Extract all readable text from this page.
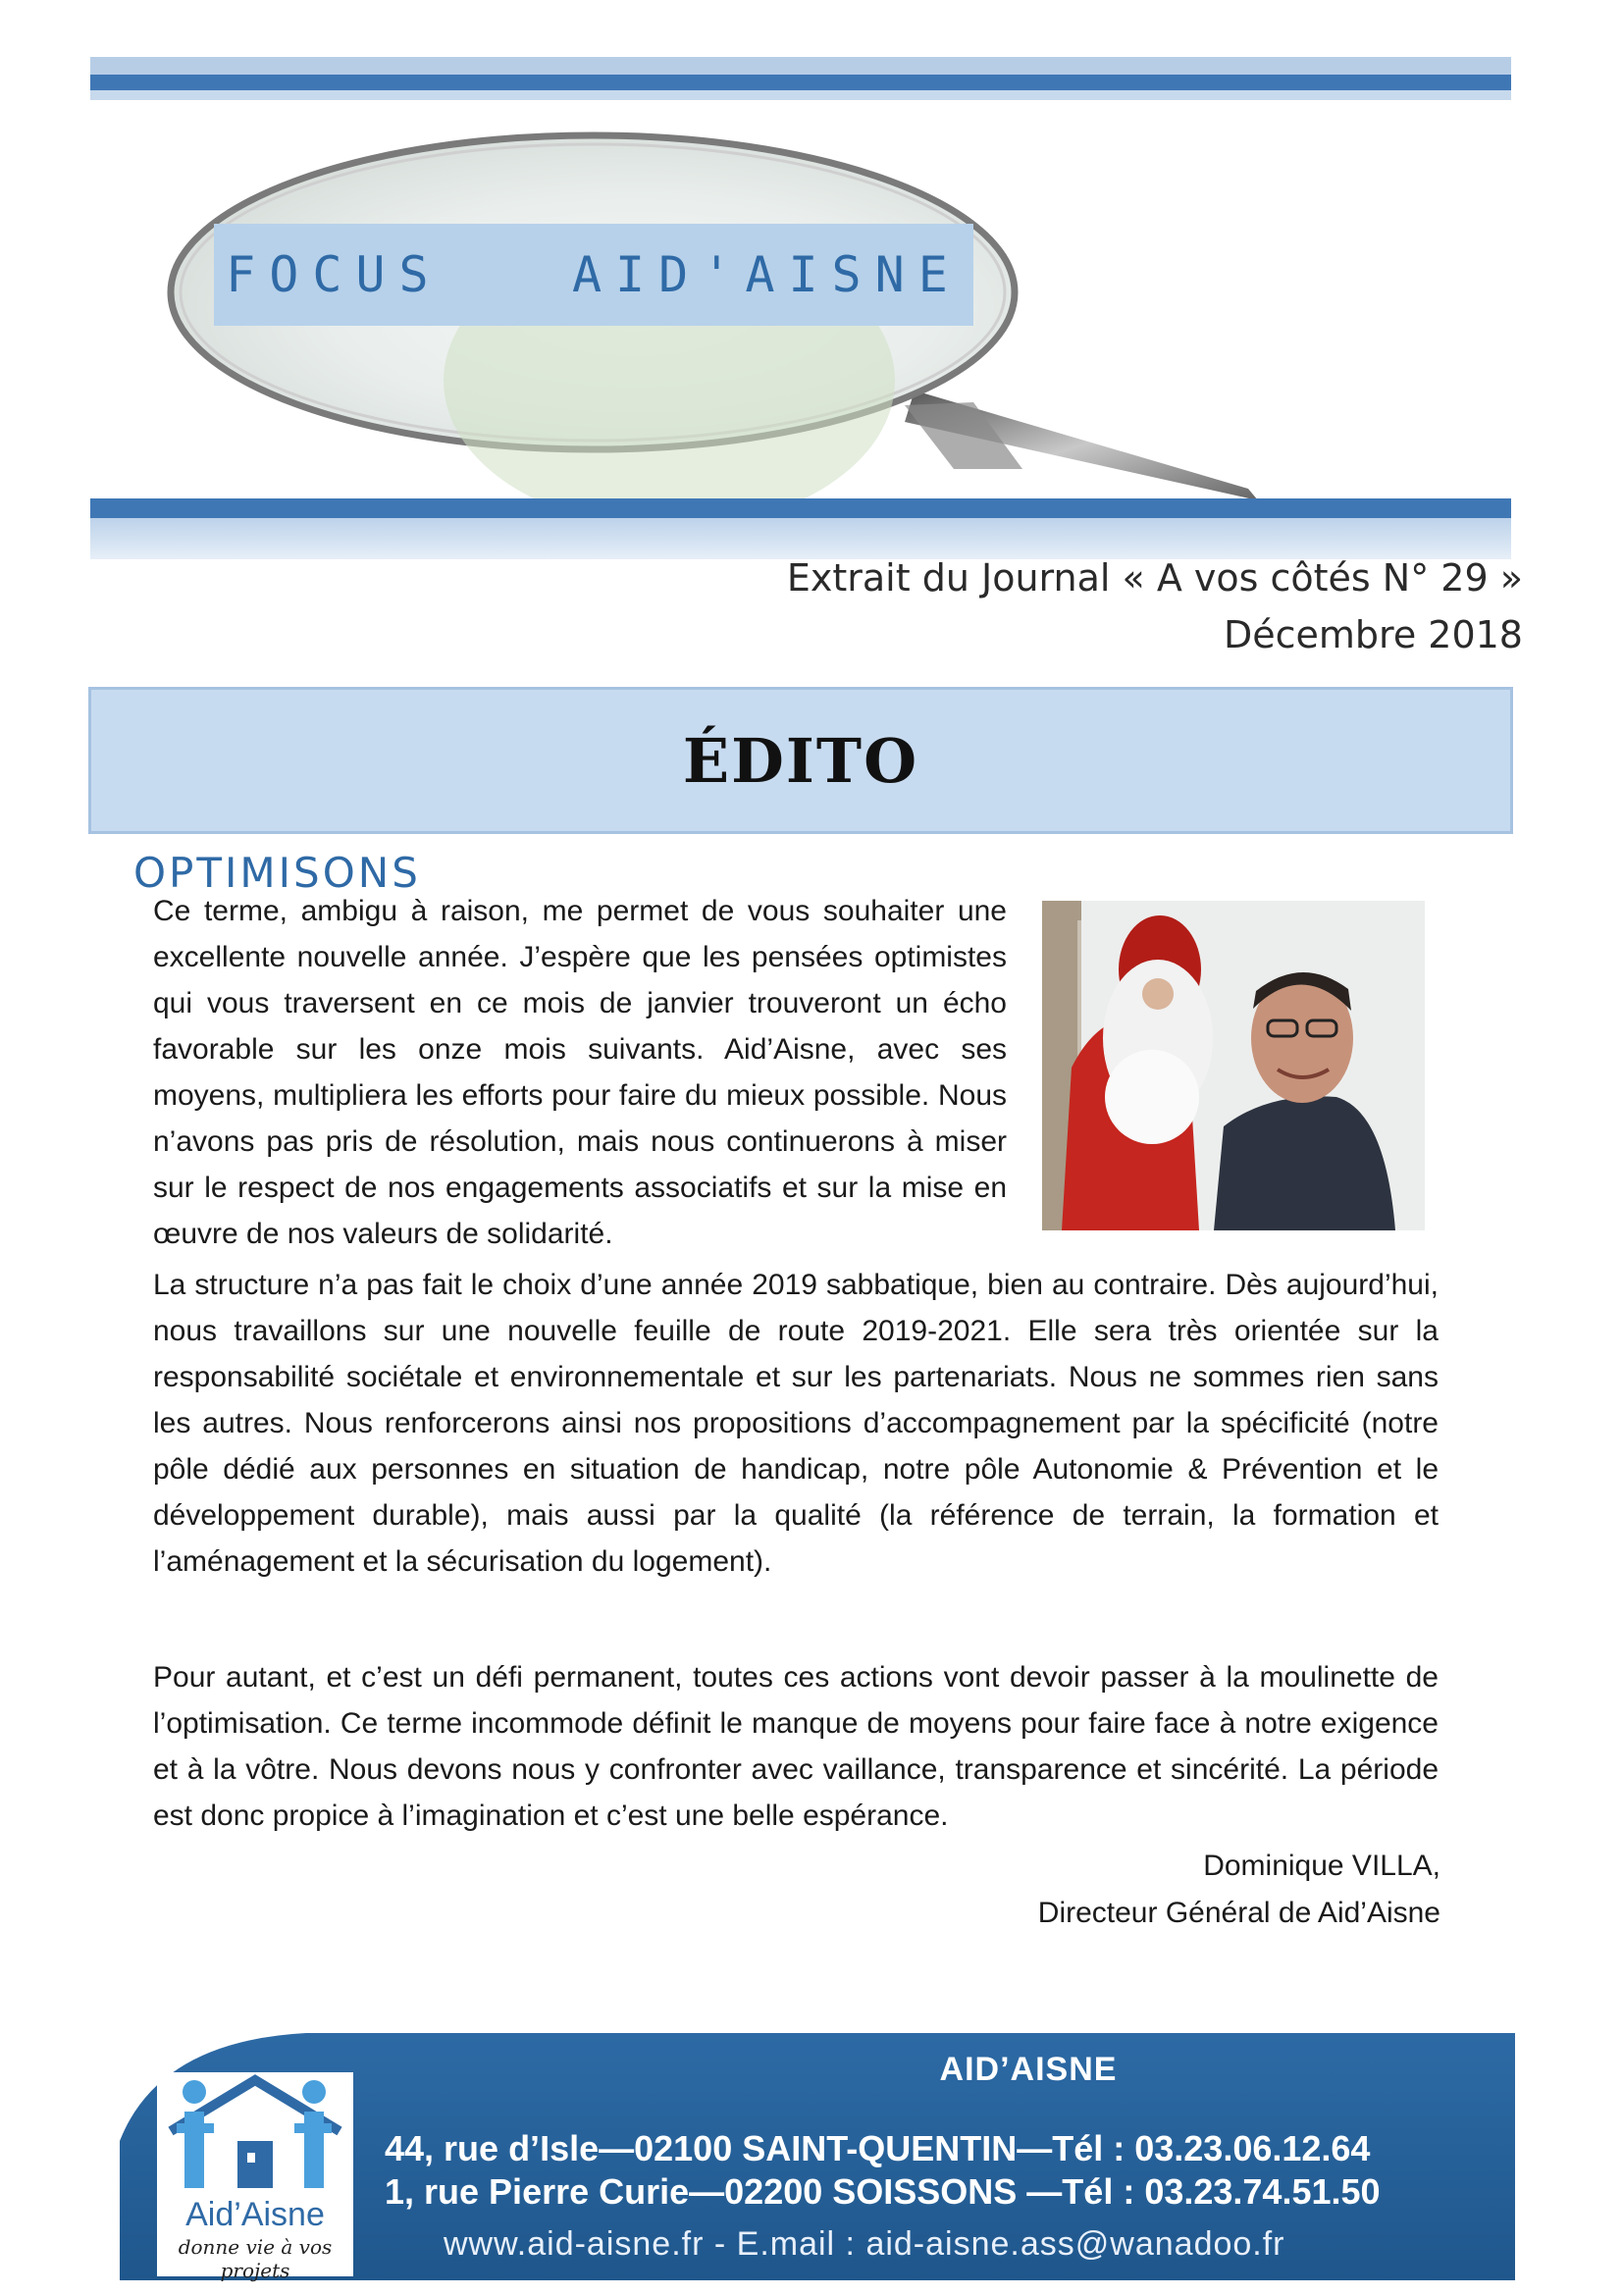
FOCUS   AID'AISNE
Extrait du Journal « A vos côtés N° 29 »
Décembre 2018
ÉDITO
OPTIMISONS
Ce terme, ambigu à raison, me permet de vous souhaiter une excellente nouvelle année. J’espère que les pensées optimistes qui vous traversent en ce mois de janvier trouveront un écho favorable sur les onze mois suivants. Aid’Aisne, avec ses moyens, multipliera les efforts pour faire du mieux possible. Nous n’avons pas pris de résolution, mais nous continuerons à miser sur le respect de nos engagements associatifs et sur la mise en œuvre de nos valeurs de solidarité.
La structure n’a pas fait le choix d’une année 2019 sabbatique, bien au contraire. Dès aujourd’hui, nous travaillons sur une nouvelle feuille de route 2019-2021. Elle sera très orientée sur la responsabilité sociétale et environnementale et sur les partenariats. Nous ne sommes rien sans les autres. Nous renforcerons ainsi nos propositions d’accompagnement par la spécificité (notre pôle dédié aux personnes en situation de handicap, notre pôle Autonomie & Prévention et le développement durable), mais aussi par la qualité (la référence de terrain, la formation et l’aménagement et la sécurisation du logement).
Pour autant, et c’est un défi permanent, toutes ces actions vont devoir passer à la moulinette de l’optimisation. Ce terme incommode définit le manque de moyens pour faire face à notre exigence et à la vôtre. Nous devons nous y confronter avec vaillance, transparence et sincérité. La période est donc propice à l’imagination et c’est une belle espérance.
Dominique VILLA,
Directeur Général de Aid’Aisne
AID’AISNE
44, rue d’Isle—02100 SAINT-QUENTIN—Tél : 03.23.06.12.64
1, rue Pierre Curie—02200 SOISSONS —Tél : 03.23.74.51.50
www.aid-aisne.fr - E.mail : aid-aisne.ass@wanadoo.fr
Aid’Aisne
donne vie à vos projets
